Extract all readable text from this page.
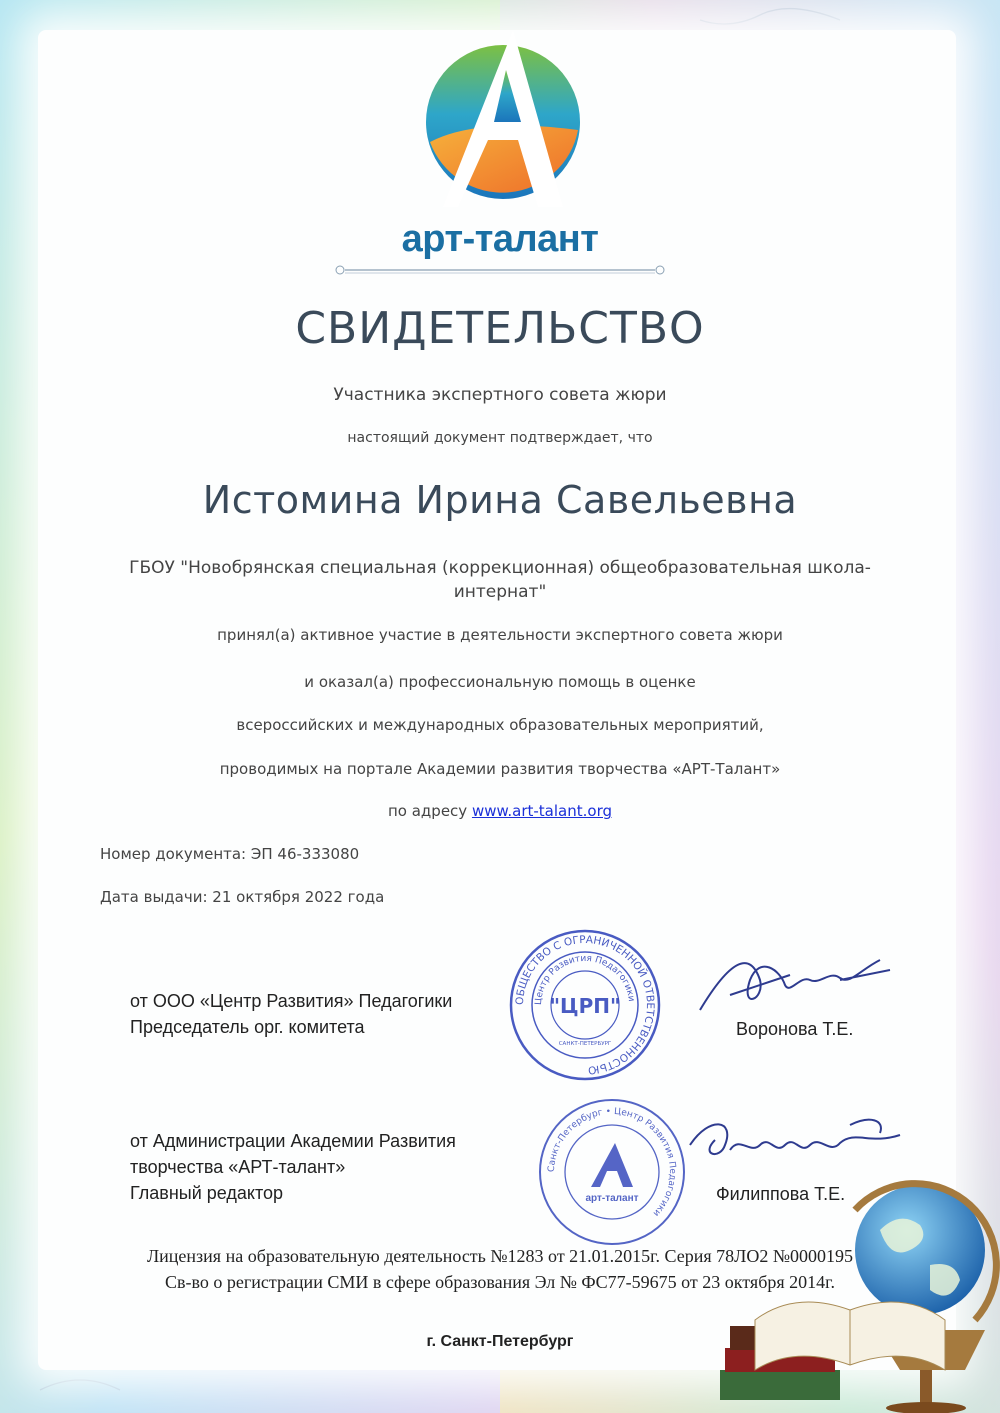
арт-талант
СВИДЕТЕЛЬСТВО
Участника экспертного совета жюри
настоящий документ подтверждает, что
Истомина Ирина Савельевна
ГБОУ "Новобрянская специальная (коррекционная) общеобразовательная школа-интернат"
принял(а) активное участие в деятельности экспертного совета жюри
и оказал(а) профессиональную помощь в оценке
всероссийских и международных образовательных мероприятий,
проводимых на портале Академии развития творчества «АРТ-Талант»
по адресу www.art-talant.org
Номер документа: ЭП 46-333080
Дата выдачи: 21 октября 2022 года
от ООО «Центр Развития» Педагогики
Председатель орг. комитета	Воронова Т.Е.
ОБЩЕСТВО С ОГРАНИЧЕННОЙ ОТВЕТСТВЕННОСТЬЮ
Центр Развития Педагогики
"ЦРП"
САНКТ-ПЕТЕРБУРГ
от Администрации Академии Развития
творчества «АРТ-талант»
Главный редактор	Филиппова Т.Е.
Санкт-Петербург • Центр Развития Педагогики
арт-талант
Лицензия на образовательную деятельность №1283 от 21.01.2015г. Серия 78ЛО2 №0000195
Св-во о регистрации СМИ в сфере образования Эл № ФС77-59675 от 23 октября 2014г.
г. Санкт-Петербург
